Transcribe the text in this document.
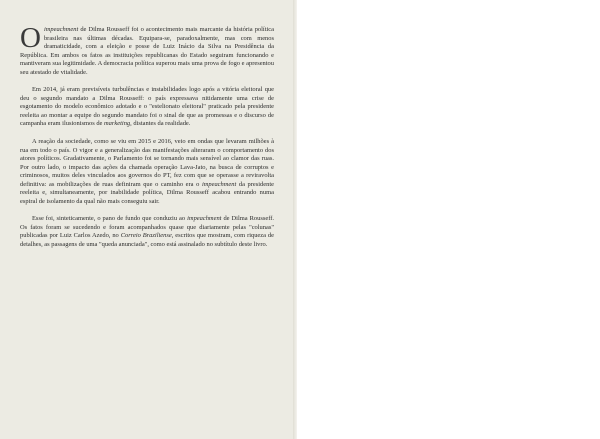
Oimpeachment de Dilma Rousseff foi o acontecimento mais marcante da história política brasileira nas últimas décadas. Equipara-se, paradoxalmente, mas com menos dramaticidade, com a eleição e posse de Luiz Inácio da Silva na Presidência da República. Em ambos os fatos as instituições republicanas do Estado seguiram funcionando e mantiveram sua legitimidade. A democracia política superou mais uma prova de fogo e apresentou seu atestado de vitalidade.

Em 2014, já eram previsíveis turbulências e instabilidades logo após a vitória eleitoral que deu o segundo mandato a Dilma Rousseff: o país expressava nitidamente uma crise de esgotamento do modelo econômico adotado e o "estelionato eleitoral" praticado pela presidente reeleita ao montar a equipe do segundo mandato foi o sinal de que as promessas e o discurso de campanha eram ilusionismos de marketing, distantes da realidade.

A reação da sociedade, como se viu em 2015 e 2016, veio em ondas que levaram milhões à rua em todo o país. O vigor e a generalização das manifestações alteraram o comportamento dos atores políticos. Gradativamente, o Parlamento foi se tornando mais sensível ao clamor das ruas. Por outro lado, o impacto das ações da chamada operação Lava-Jato, na busca de corruptos e criminosos, muitos deles vinculados aos governos do PT, fez com que se operasse a reviravolta definitiva: as mobilizações de ruas definiram que o caminho era o impeachment da presidente reeleita e, simultaneamente, por inabilidade política, Dilma Rousseff acabou entrando numa espiral de isolamento da qual não mais conseguiu sair.

Esse foi, sinteticamente, o pano de fundo que conduziu ao impeachment de Dilma Rousseff. Os fatos foram se sucedendo e foram acompanhados quase que diariamente pelas "colunas" publicadas por Luiz Carlos Azedo, no Correio Braziliense, escritos que mostram, com riqueza de detalhes, as passagens de uma "queda anunciada", como está assinalado no subtítulo deste livro.
